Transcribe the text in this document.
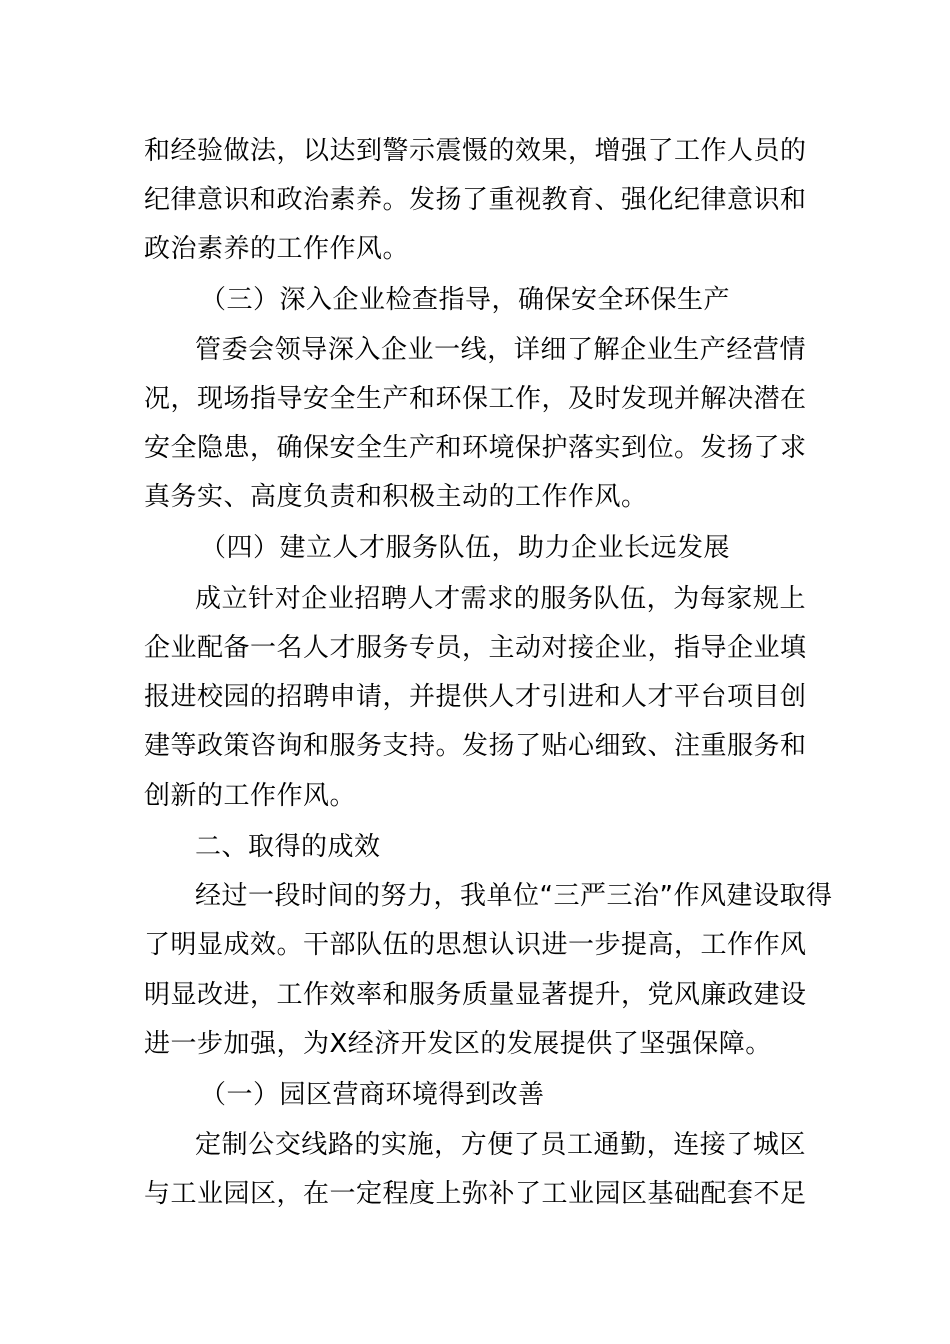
和经验做法，以达到警示震慑的效果，增强了工作人员的
纪律意识和政治素养。发扬了重视教育、强化纪律意识和
政治素养的工作作风。
（三）深入企业检查指导，确保安全环保生产
管委会领导深入企业一线，详细了解企业生产经营情
况，现场指导安全生产和环保工作，及时发现并解决潜在
安全隐患，确保安全生产和环境保护落实到位。发扬了求
真务实、高度负责和积极主动的工作作风。
（四）建立人才服务队伍，助力企业长远发展
成立针对企业招聘人才需求的服务队伍，为每家规上
企业配备一名人才服务专员，主动对接企业，指导企业填
报进校园的招聘申请，并提供人才引进和人才平台项目创
建等政策咨询和服务支持。发扬了贴心细致、注重服务和
创新的工作作风。
二、取得的成效
经过一段时间的努力，我单位“三严三治”作风建设取得
了明显成效。干部队伍的思想认识进一步提高，工作作风
明显改进，工作效率和服务质量显著提升，党风廉政建设
进一步加强，为X经济开发区的发展提供了坚强保障。
（一）园区营商环境得到改善
定制公交线路的实施，方便了员工通勤，连接了城区
与工业园区，在一定程度上弥补了工业园区基础配套不足
